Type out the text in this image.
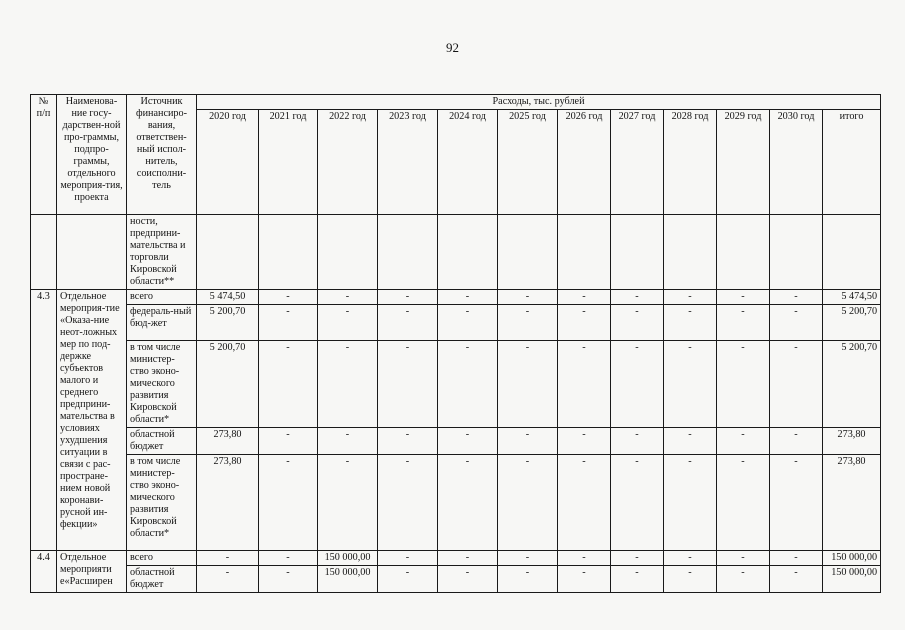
92
№ п/п	Наименова-ние госу-дарствен-ной про-граммы, подпро-граммы, отдельного мероприя-тия, проекта	Источник финансиро-вания, ответствен-ный испол-нитель, соисполни-тель	Расходы, тыс. рублей											
			2020 год	2021 год	2022 год	2023 год	2024 год	2025 год	2026 год	2027 год	2028 год	2029 год	2030 год	итого
		ности, предприни-мательства и торговли Кировской области**												
4.3	Отдельное мероприя-тие «Оказа-ние неот-ложных мер по под-держке субъектов малого и среднего предприни-мательства в условиях ухудшения ситуации в связи с рас-простране-нием новой коронави-русной ин-фекции»	всего	5 474,50	-	-	-	-	-	-	-	-	-	-	5 474,50
		федераль-ный бюд-жет	5 200,70	-	-	-	-	-	-	-	-	-	-	5 200,70
		в том числе министер-ство эконо-мического развития Кировской области*	5 200,70	-	-	-	-	-	-	-	-	-	-	5 200,70
		областной бюджет	273,80	-	-	-	-	-	-	-	-	-	-	273,80
		в том числе министер-ство эконо-мического развития Кировской области*	273,80	-	-	-	-	-	-	-	-	-	-	273,80
4.4	Отдельное мероприяти е«Расширен	всего	-	-	150 000,00	-	-	-	-	-	-	-	-	150 000,00
		областной бюджет	-	-	150 000,00	-	-	-	-	-	-	-	-	150 000,00
